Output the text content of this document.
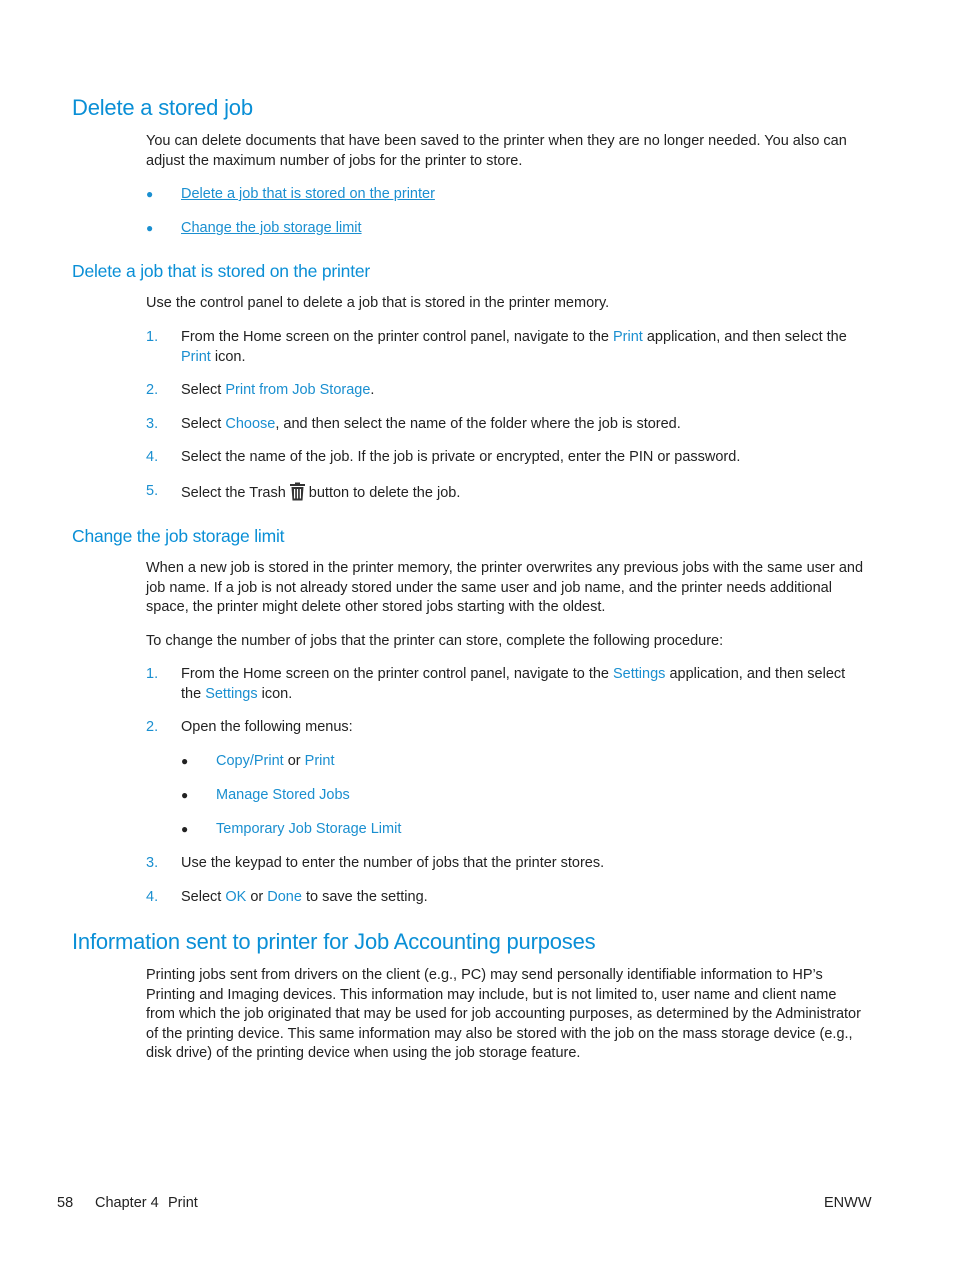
Delete a stored job

You can delete documents that have been saved to the printer when they are no longer needed. You also can adjust the maximum number of jobs for the printer to store.

● Delete a job that is stored on the printer
● Change the job storage limit
Delete a job that is stored on the printer

Use the control panel to delete a job that is stored in the printer memory.

1. From the Home screen on the printer control panel, navigate to the Print application, and then select the Print icon.
2. Select Print from Job Storage.
3. Select Choose, and then select the name of the folder where the job is stored.
4. Select the name of the job. If the job is private or encrypted, enter the PIN or password.
5. Select the Trash button to delete the job.
Change the job storage limit

When a new job is stored in the printer memory, the printer overwrites any previous jobs with the same user and job name. If a job is not already stored under the same user and job name, and the printer needs additional space, the printer might delete other stored jobs starting with the oldest.

To change the number of jobs that the printer can store, complete the following procedure:

1. From the Home screen on the printer control panel, navigate to the Settings application, and then select the Settings icon.
2. Open the following menus:
● Copy/Print or Print
● Manage Stored Jobs
● Temporary Job Storage Limit
3. Use the keypad to enter the number of jobs that the printer stores.
4. Select OK or Done to save the setting.
Information sent to printer for Job Accounting purposes

Printing jobs sent from drivers on the client (e.g., PC) may send personally identifiable information to HP’s Printing and Imaging devices. This information may include, but is not limited to, user name and client name from which the job originated that may be used for job accounting purposes, as determined by the Administrator of the printing device. This same information may also be stored with the job on the mass storage device (e.g., disk drive) of the printing device when using the job storage feature.

58 Chapter 4 Print	ENWW
